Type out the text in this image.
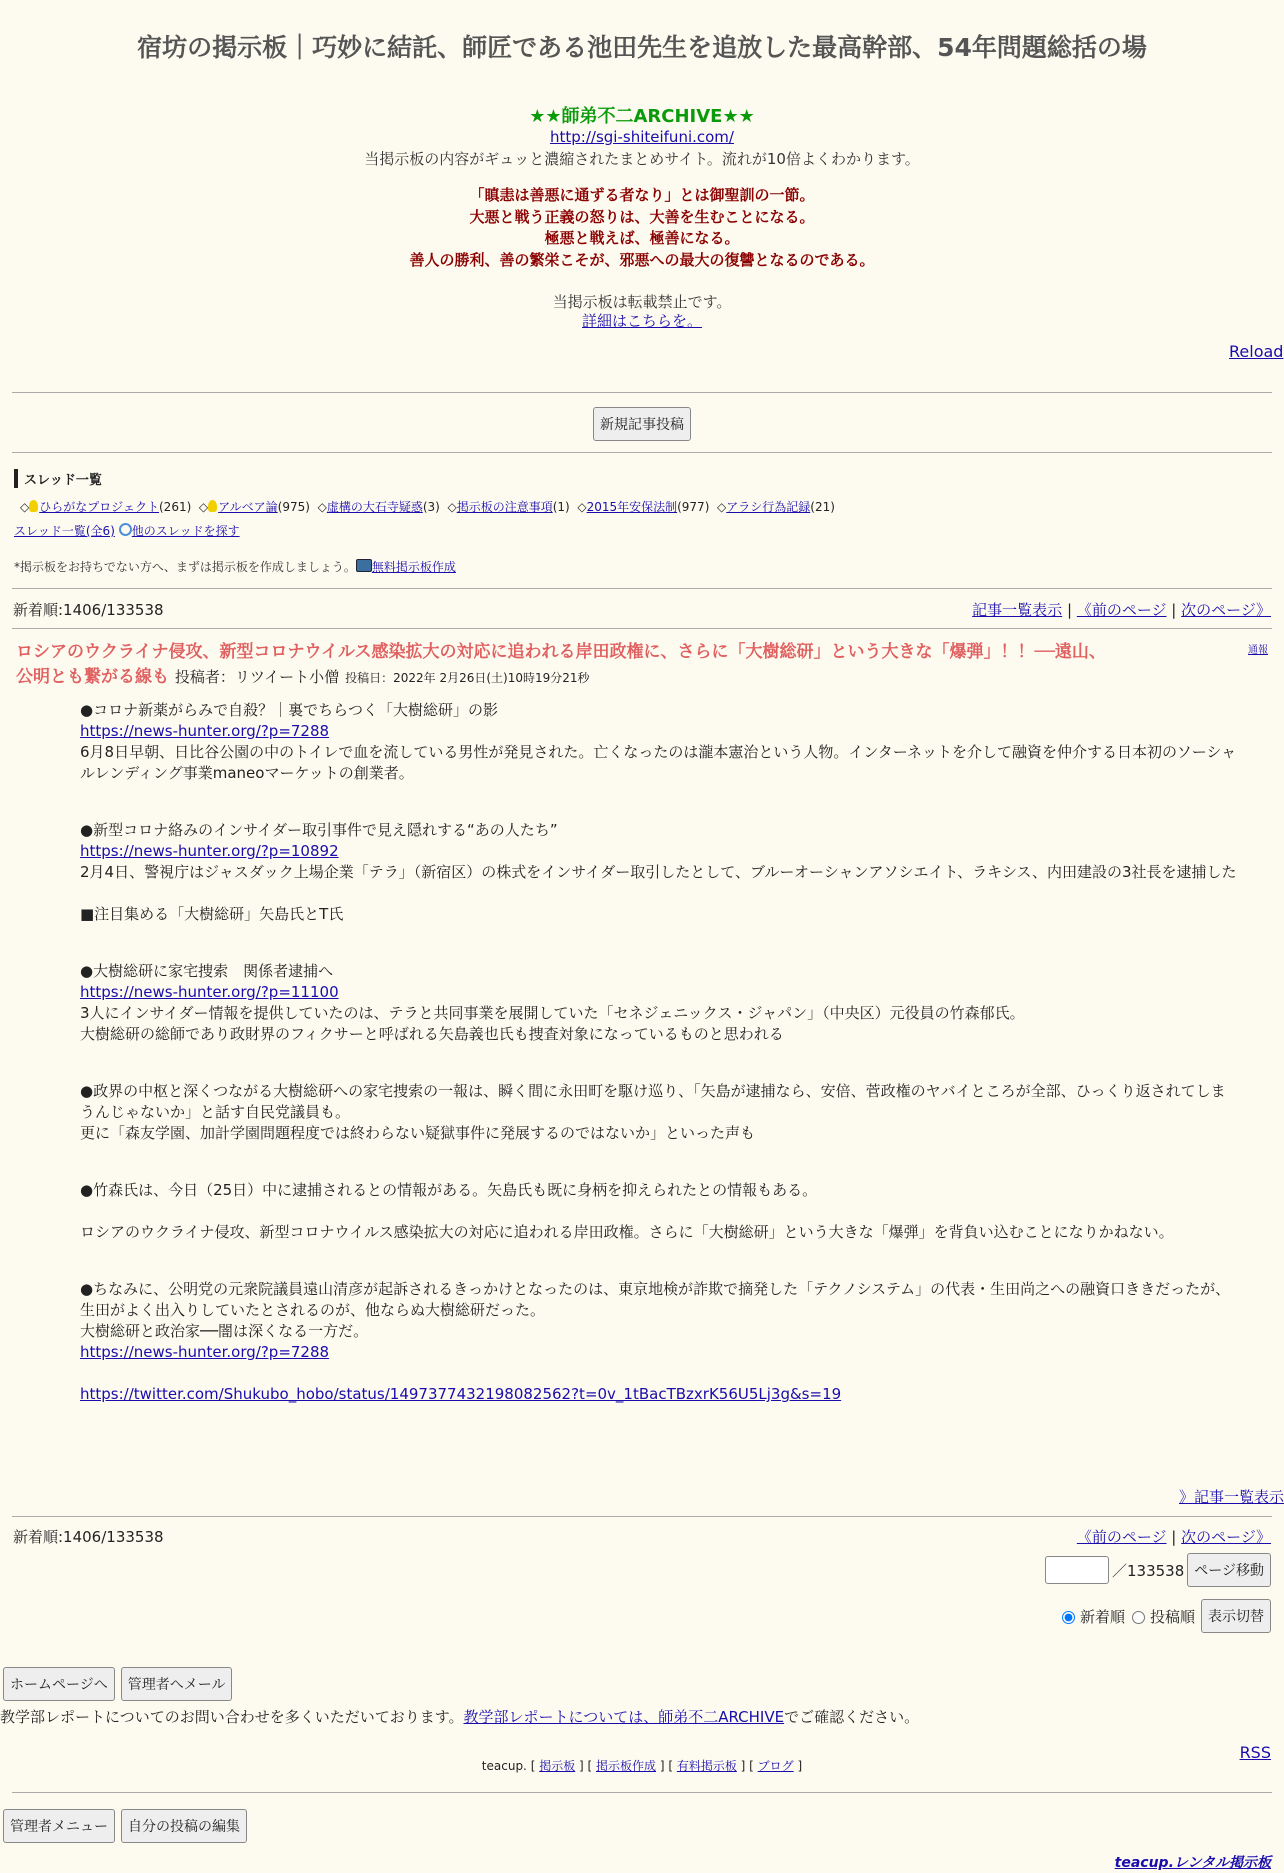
宿坊の掲示板｜巧妙に結託、師匠である池田先生を追放した最高幹部、54年問題総括の場
★★師弟不二ARCHIVE★★
http://sgi-shiteifuni.com/
当掲示板の内容がギュッと濃縮されたまとめサイト。流れが10倍よくわかります。
「瞋恚は善悪に通ずる者なり」とは御聖訓の一節。
大悪と戦う正義の怒りは、大善を生むことになる。
極悪と戦えば、極善になる。
善人の勝利、善の繁栄こそが、邪悪への最大の復讐となるのである。
当掲示板は転載禁止です。
詳細はこちらを。
Reload
新規記事投稿
スレッド一覧
◇ ひらがなプロジェクト(261)  ◇ アルベア論(975)  ◇虚構の大石寺疑惑(3)  ◇掲示板の注意事項(1)  ◇2015年安保法制(977)  ◇アラシ行為記録(21)
スレッド一覧(全6) 他のスレッドを探す
*掲示板をお持ちでない方へ、まずは掲示板を作成しましょう。 無料掲示板作成
新着順:1406/133538	記事一覧表示 | 《前のページ | 次のページ》
ロシアのウクライナ侵攻、新型コロナウイルス感染拡大の対応に追われる岸田政権に、さらに「大樹総研」という大きな「爆弾」！！──遠山、
公明とも繋がる線も 投稿者：リツイート小僧 投稿日：2022年 2月26日(土)10時19分21秒
通報

●コロナ新薬がらみで自殺？｜裏でちらつく「大樹総研」の影

https://news-hunter.org/?p=7288

6月8日早朝、日比谷公園の中のトイレで血を流している男性が発見された。亡くなったのは瀧本憲治という人物。インターネットを介して融資を仲介する日本初のソーシャルレンディング事業maneoマーケットの創業者。

●新型コロナ絡みのインサイダー取引事件で見え隠れする“あの人たち”

https://news-hunter.org/?p=10892

2月4日、警視庁はジャスダック上場企業「テラ」（新宿区）の株式をインサイダー取引したとして、ブルーオーシャンアソシエイト、ラキシス、内田建設の3社長を逮捕した

■注目集める「大樹総研」矢島氏とT氏

●大樹総研に家宅捜索　関係者逮捕へ

https://news-hunter.org/?p=11100

3人にインサイダー情報を提供していたのは、テラと共同事業を展開していた「セネジェニックス・ジャパン」（中央区）元役員の竹森郁氏。

大樹総研の総師であり政財界のフィクサーと呼ばれる矢島義也氏も捜査対象になっているものと思われる

●政界の中枢と深くつながる大樹総研への家宅捜索の一報は、瞬く間に永田町を駆け巡り、「矢島が逮捕なら、安倍、菅政権のヤバイところが全部、ひっくり返されてしまうんじゃないか」と話す自民党議員も。

更に「森友学園、加計学園問題程度では終わらない疑獄事件に発展するのではないか」といった声も

●竹森氏は、今日（25日）中に逮捕されるとの情報がある。矢島氏も既に身柄を抑えられたとの情報もある。

ロシアのウクライナ侵攻、新型コロナウイルス感染拡大の対応に追われる岸田政権。さらに「大樹総研」という大きな「爆弾」を背負い込むことになりかねない。

●ちなみに、公明党の元衆院議員遠山清彦が起訴されるきっかけとなったのは、東京地検が詐欺で摘発した「テクノシステム」の代表・生田尚之への融資口ききだったが、生田がよく出入りしていたとされるのが、他ならぬ大樹総研だった。

大樹総研と政治家──闇は深くなる一方だ。

https://news-hunter.org/?p=7288

https://twitter.com/Shukubo_hobo/status/1497377432198082562?t=0v_1tBacTBzxrK56U5Lj3g&s=19

》記事一覧表示
新着順:1406/133538	《前のページ | 次のページ》
／133538 ページ移動
新着順 投稿順 表示切替
ホームページへ	管理者へメール
教学部レポートについてのお問い合わせを多くいただいております。教学部レポートについては、師弟不二ARCHIVEでご確認ください。
teacup. [ 掲示板 ] [ 掲示板作成 ] [ 有料掲示板 ] [ ブログ ]
RSS
管理者メニュー	自分の投稿の編集
teacup.レンタル掲示板
